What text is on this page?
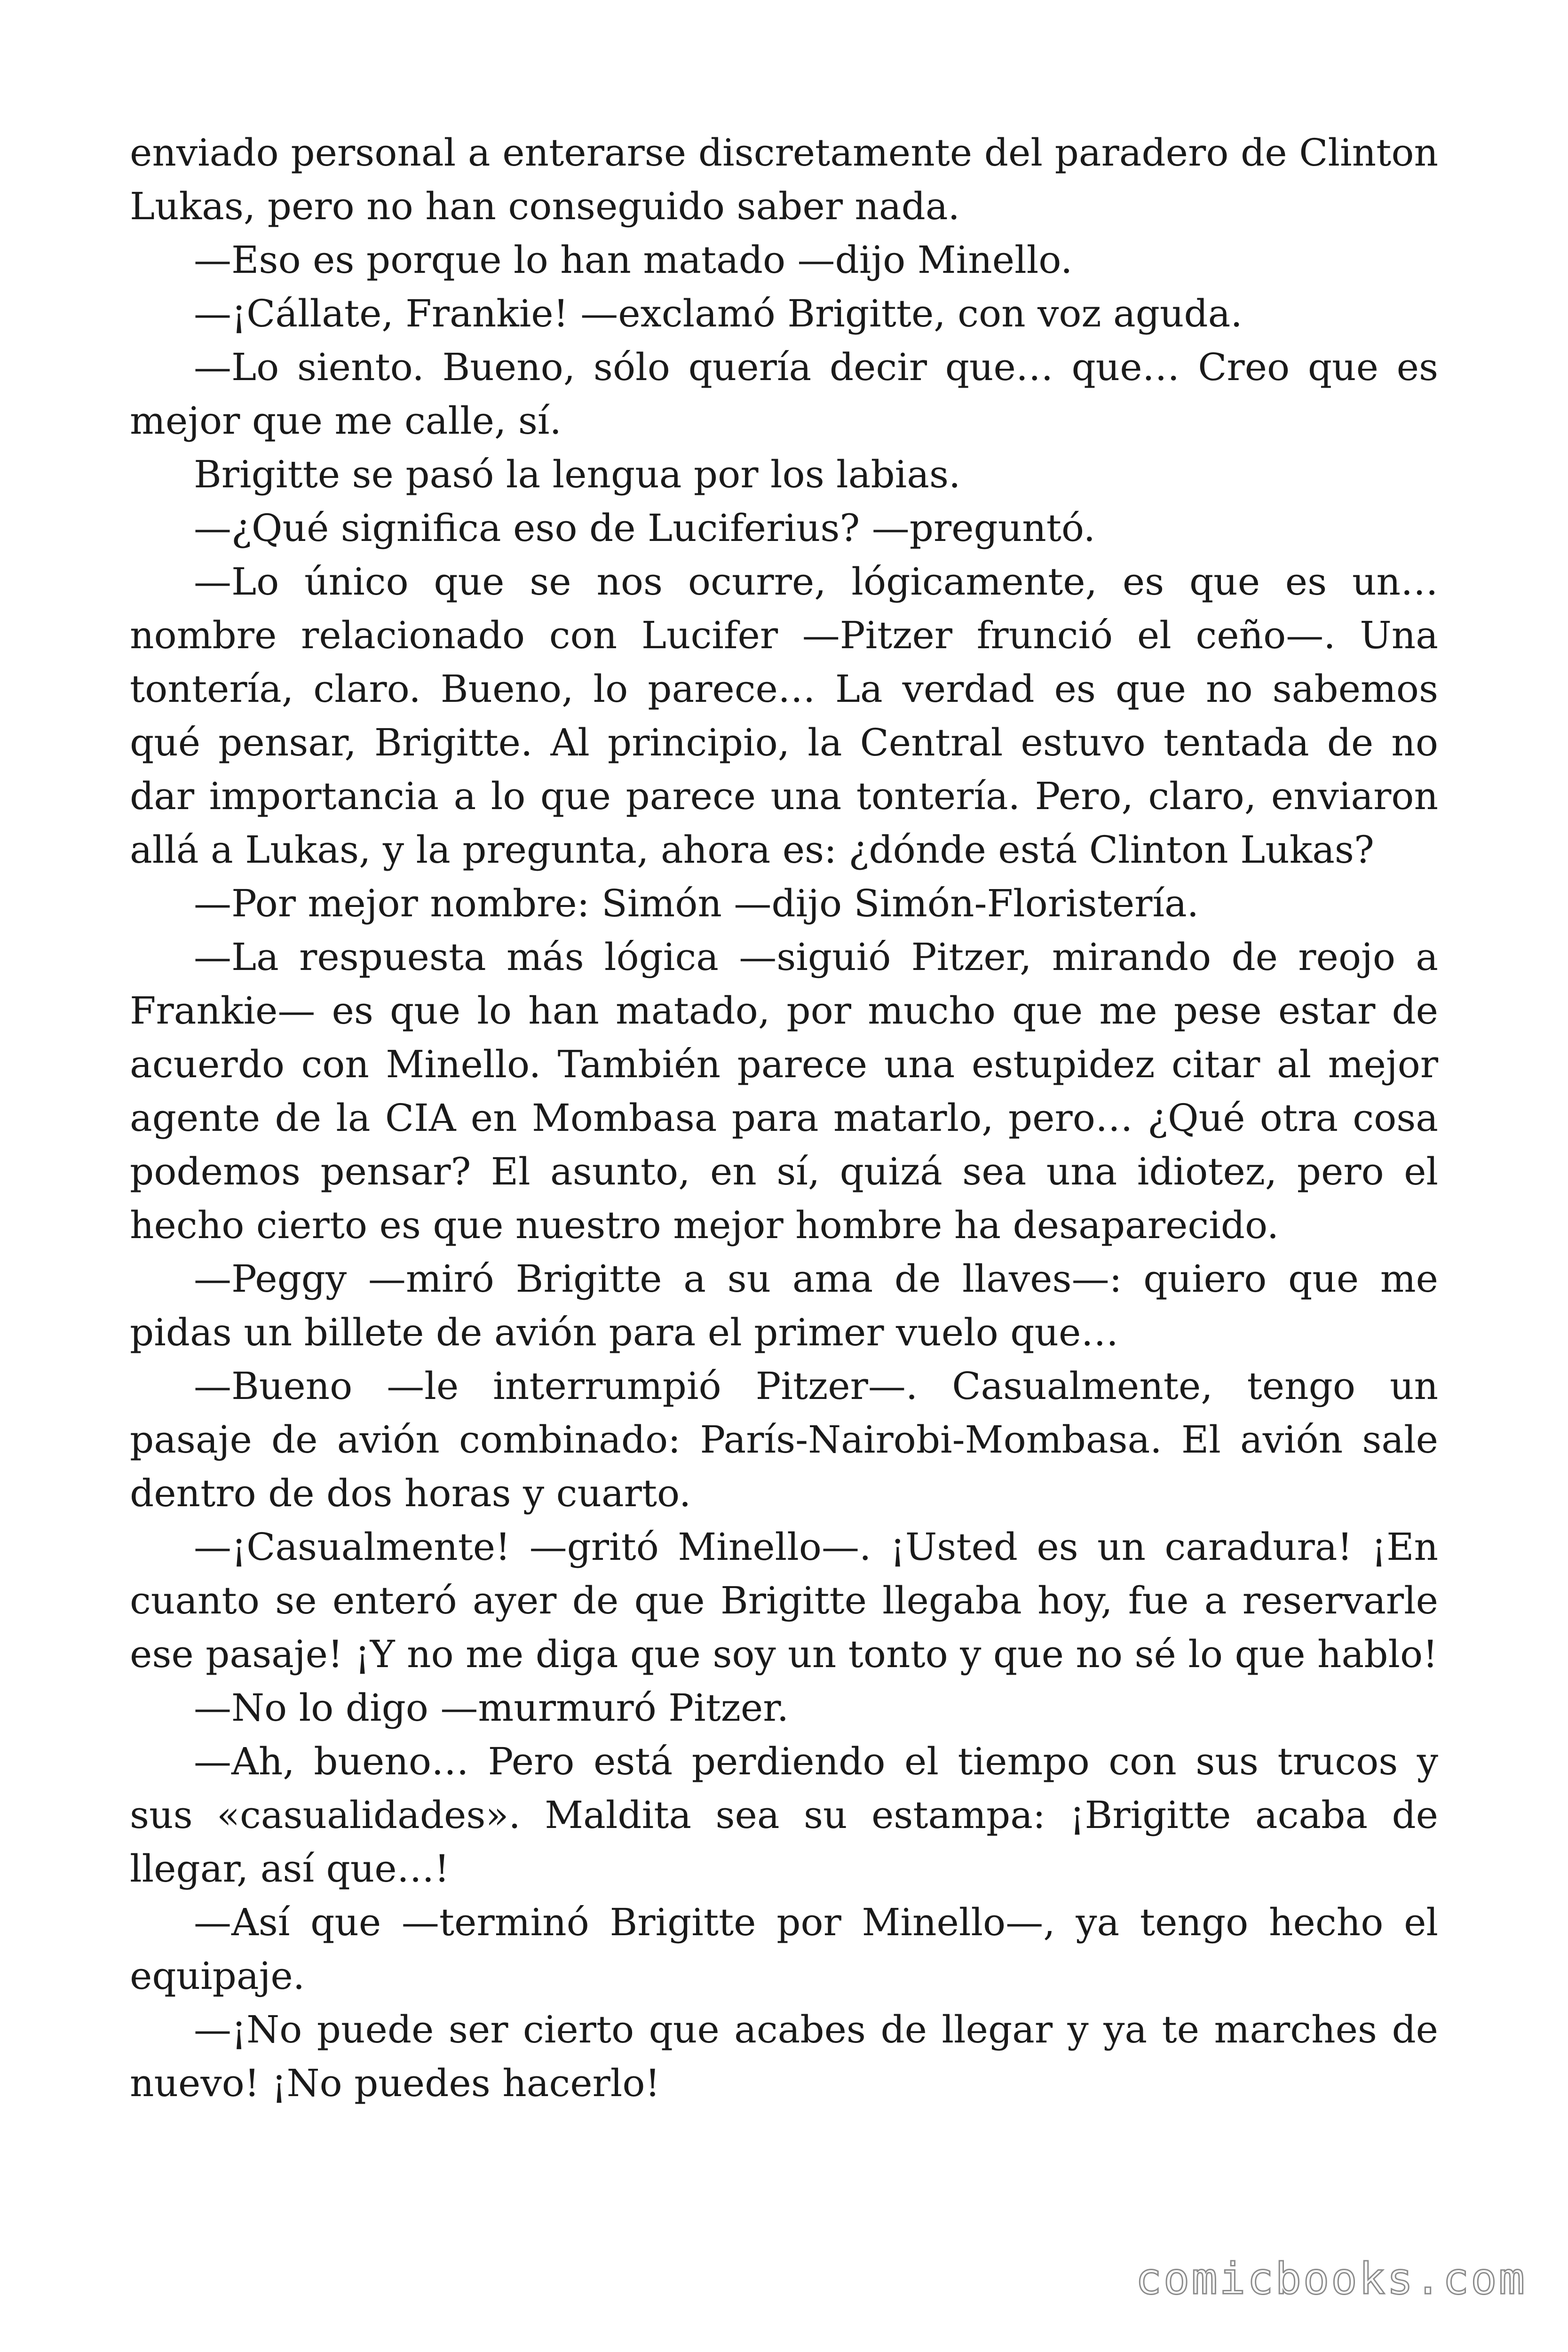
enviado personal a enterarse discretamente del paradero de Clinton Lukas, pero no han conseguido saber nada.

—Eso es porque lo han matado —dijo Minello.

—¡Cállate, Frankie! —exclamó Brigitte, con voz aguda.

—Lo siento. Bueno, sólo quería decir que… que… Creo que es mejor que me calle, sí.

Brigitte se pasó la lengua por los labias.

—¿Qué significa eso de Luciferius? —preguntó.

—Lo único que se nos ocurre, lógicamente, es que es un… nombre relacionado con Lucifer —Pitzer frunció el ceño—. Una tontería, claro. Bueno, lo parece… La verdad es que no sabemos qué pensar, Brigitte. Al principio, la Central estuvo tentada de no dar importancia a lo que parece una tontería. Pero, claro, enviaron allá a Lukas, y la pregunta, ahora es: ¿dónde está Clinton Lukas?

—Por mejor nombre: Simón —dijo Simón-Floristería.

—La respuesta más lógica —siguió Pitzer, mirando de reojo a Frankie— es que lo han matado, por mucho que me pese estar de acuerdo con Minello. También parece una estupidez citar al mejor agente de la CIA en Mombasa para matarlo, pero… ¿Qué otra cosa podemos pensar? El asunto, en sí, quizá sea una idiotez, pero el hecho cierto es que nuestro mejor hombre ha desaparecido.

—Peggy —miró Brigitte a su ama de llaves—: quiero que me pidas un billete de avión para el primer vuelo que…

—Bueno —le interrumpió Pitzer—. Casualmente, tengo un pasaje de avión combinado: París-Nairobi-Mombasa. El avión sale dentro de dos horas y cuarto.

—¡Casualmente! —gritó Minello—. ¡Usted es un caradura! ¡En cuanto se enteró ayer de que Brigitte llegaba hoy, fue a reservarle ese pasaje! ¡Y no me diga que soy un tonto y que no sé lo que hablo!

—No lo digo —murmuró Pitzer.

—Ah, bueno… Pero está perdiendo el tiempo con sus trucos y sus «casualidades». Maldita sea su estampa: ¡Brigitte acaba de llegar, así que…!

—Así que —terminó Brigitte por Minello—, ya tengo hecho el equipaje.

—¡No puede ser cierto que acabes de llegar y ya te marches de nuevo! ¡No puedes hacerlo!

comicbooks.com
